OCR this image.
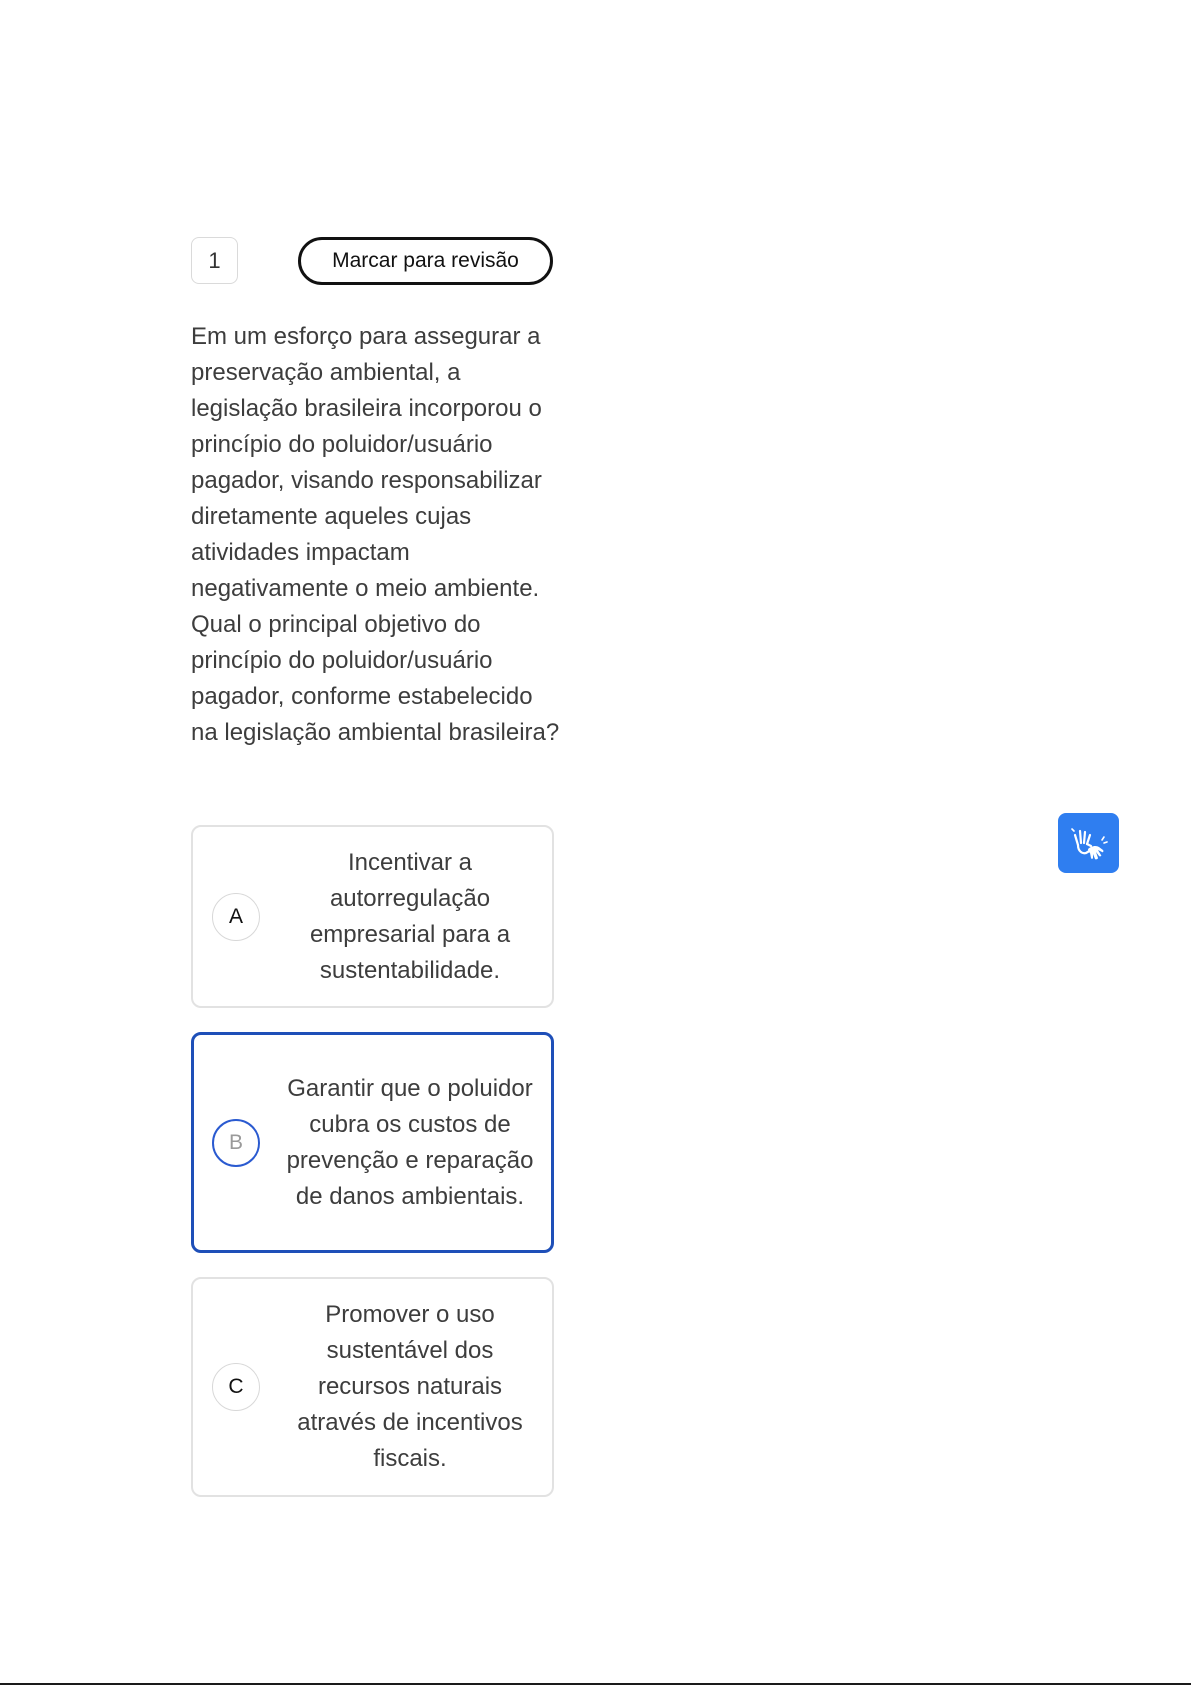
1	Marcar para revisão

Em um esforço para assegurar a preservação ambiental, a legislação brasileira incorporou o princípio do poluidor/usuário pagador, visando responsabilizar diretamente aqueles cujas atividades impactam negativamente o meio ambiente. Qual o principal objetivo do princípio do poluidor/usuário pagador, conforme estabelecido na legislação ambiental brasileira?

A
Incentivar a autorregulação empresarial para a sustentabilidade.
B
Garantir que o poluidor cubra os custos de prevenção e reparação de danos ambientais.
C
Promover o uso sustentável dos recursos naturais através de incentivos fiscais.
